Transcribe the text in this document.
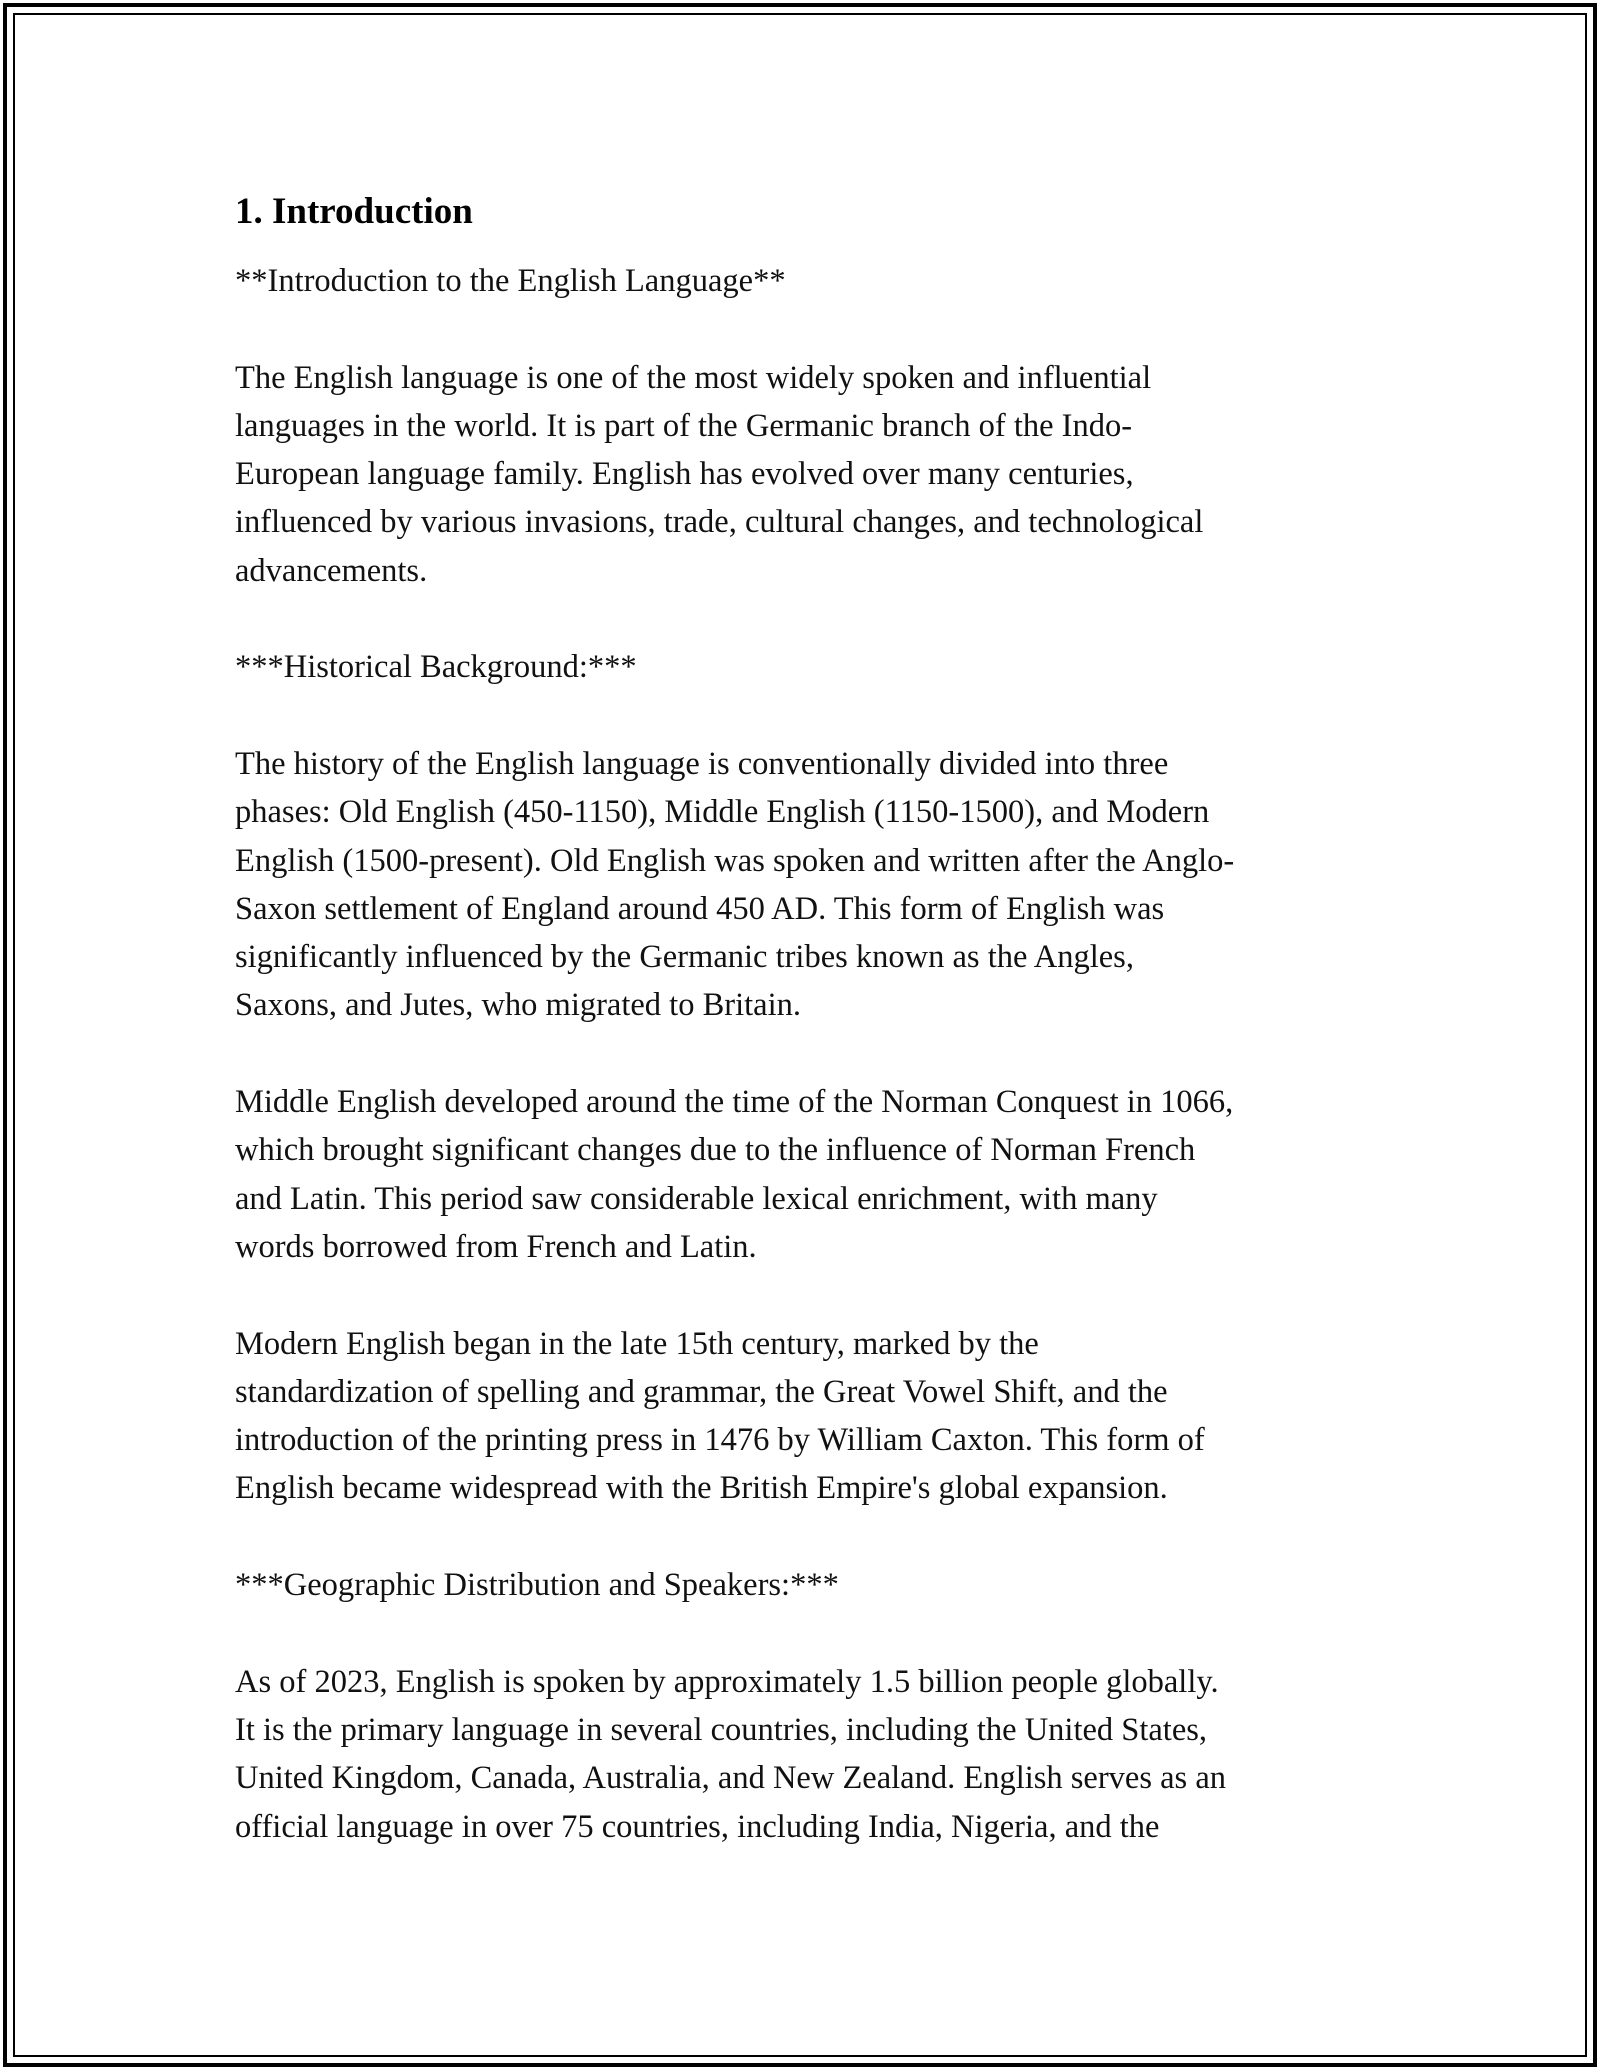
1. Introduction

**Introduction to the English Language**

The English language is one of the most widely spoken and influential
languages in the world. It is part of the Germanic branch of the Indo-
European language family. English has evolved over many centuries,
influenced by various invasions, trade, cultural changes, and technological
advancements.

***Historical Background:***

The history of the English language is conventionally divided into three
phases: Old English (450-1150), Middle English (1150-1500), and Modern
English (1500-present). Old English was spoken and written after the Anglo-
Saxon settlement of England around 450 AD. This form of English was
significantly influenced by the Germanic tribes known as the Angles,
Saxons, and Jutes, who migrated to Britain.

Middle English developed around the time of the Norman Conquest in 1066,
which brought significant changes due to the influence of Norman French
and Latin. This period saw considerable lexical enrichment, with many
words borrowed from French and Latin.

Modern English began in the late 15th century, marked by the
standardization of spelling and grammar, the Great Vowel Shift, and the
introduction of the printing press in 1476 by William Caxton. This form of
English became widespread with the British Empire's global expansion.

***Geographic Distribution and Speakers:***

As of 2023, English is spoken by approximately 1.5 billion people globally.
It is the primary language in several countries, including the United States,
United Kingdom, Canada, Australia, and New Zealand. English serves as an
official language in over 75 countries, including India, Nigeria, and the
